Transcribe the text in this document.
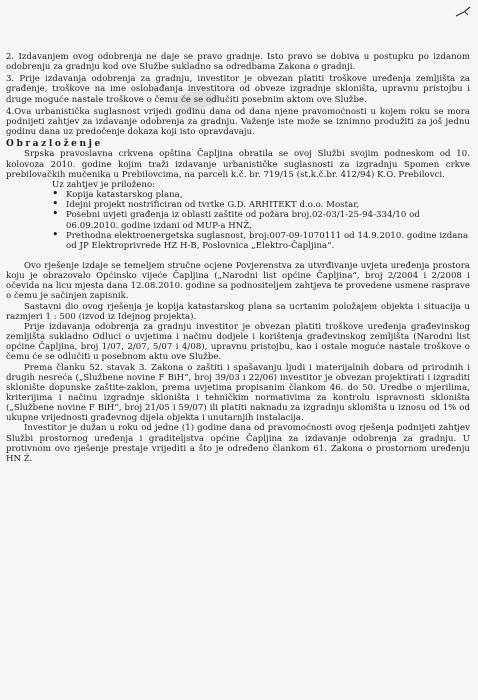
2. Izdavanjem ovog odobrenja ne daje se pravo gradnje. Isto pravo se dobiva u postupku po izdanom odobrenju za gradnju kod ove Službe sukladno sa odredbama Zakona o gradnji.

3. Prije izdavanja odobrenja za gradnju, investitor je obvezan platiti troškove uređenja zemljišta za građenje, troškove na ime oslobađanja investitora od obveze izgradnje skloništa, upravnu pristojbu i druge moguće nastale troškove o čemu će se odlučiti posebnim aktom ove Službe.

4.Ova urbanistička suglasnost vrijedi godinu dana od dana njene pravomoćnosti u kojem roku se mora podnijeti zahtjev za izdavanje odobrenja za gradnju. Važenje iste može se iznimno produžiti za još jednu godinu dana uz predočenje dokaza koji isto opravdavaju.

Obrazloženje

Srpska pravoslavna crkvena opština Čapljina obratila se ovoj Službi svojim podneskom od 10. kolovoza 2010. godine kojim traži izdavanje urbanističke suglasnosti za izgradnju Spomen crkve prebilovačkih mučenika u Prebilovcima, na parceli k.č. br. 719/15 (st.k.č.br. 412/94) K.O. Prebilovci.

Uz zahtjev je priloženo:

• Kopija katastarskog plana,
• Idejni projekt nostrificiran od tvrtke G.D. ARHITEKT d.o.o. Mostar,
• Posebni uvjeti građenja iz oblasti zaštite od požara broj.02-03/1-25-94-334/10 od 06.09.2010. godine izdani od MUP-a HNŽ,
• Prethodna elektroenergetska suglasnost, broj:007-09-1070111 od 14.9.2010. godine izdana od JP Elektroprivrede HZ H-B, Poslovnica „Elektro-Čapljina“.

Ovo rješenje izdaje se temeljem stručne ocjene Povjerenstva za utvrđivanje uvjeta uređenja prostora koju je obrazovalo Općinsko vijeće Čapljina („Narodni list općine Čapljina“, broj 2/2004 i 2/2008 i očevida na licu mjesta dana 12.08.2010. godine sa podnositeljem zahtjeva te provedene usmene rasprave o čemu je sačinjen zapisnik.

Sastavni dio ovog rješenja je kopija katastarskog plana sa ucrtanim položajem objekta i situacija u razmjeri 1 : 500 (izvod iz Idejnog projekta).

Prije izdavanja odobrenja za gradnju investitor je obvezan platiti troškove uređenja građevinskog zemljišta sukladno Odluci o uvjetima i načinu dodjele i korištenja građevinskog zemljišta (Narodni list općine Čapljina, broj 1/07, 2/07, 5/07 i 4/08), upravnu pristojbu, kao i ostale moguće nastale troškove o čemu će se odlučiti u posebnom aktu ove Službe.

Prema članku 52. stavak 3. Zakona o zaštiti i spašavanju ljudi i materijalnih dobara od prirodnih i drugih nesreća („Službene novine F BiH“, broj 39/03 i 22/06) investitor je obvezan projektirati i izgraditi sklonište dopunske zaštite-zaklon, prema uvjetima propisanim člankom 46. do 50. Uredbe o mjerilima, kriterijima i načinu izgradnje skloništa i tehničkim normativima za kontrolu ispravnosti skloništa („Službene novine F BiH“, broj 21/05 i 59/07) ili platiti naknadu za izgradnju skloništa u iznosu od 1% od ukupne vrijednosti građevnog dijela objekta i unutarnjih instalacija.

Investitor je dužan u roku od jedne (1) godine dana od pravomoćnosti ovog rješenja podnijeti zahtjev Službi prostornog uređenja i graditeljstva općine Čapljina za izdavanje odobrenja za gradnju. U protivnom ovo rješenje prestaje vrijediti a što je određeno člankom 61. Zakona o prostornom uređenju HN Ž.
